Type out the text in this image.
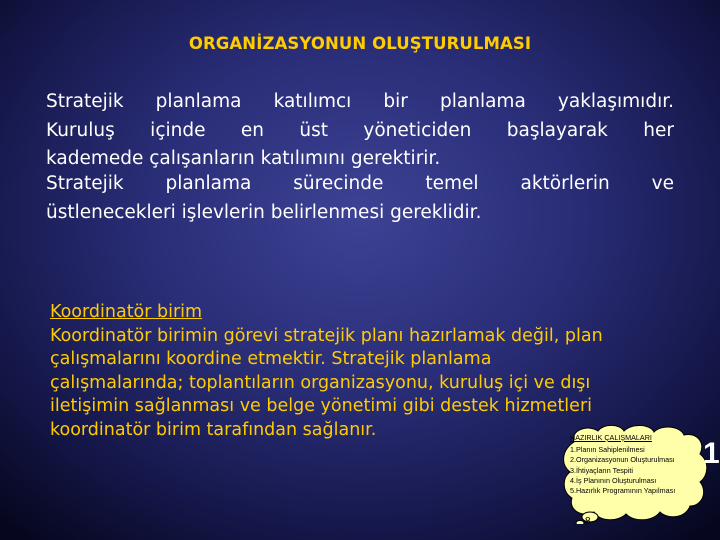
ORGANİZASYONUN OLUŞTURULMASI
Stratejik planlama katılımcı bir planlama yaklaşımıdır.
Kuruluş içinde en üst yöneticiden başlayarak her
kademede çalışanların katılımını gerektirir.
Stratejik planlama sürecinde temel aktörlerin ve
üstlenecekleri işlevlerin belirlenmesi gereklidir.
Koordinatör birim
Koordinatör birimin görevi stratejik planı hazırlamak değil, plan
çalışmalarını koordine etmektir. Stratejik planlama
çalışmalarında; toplantıların organizasyonu, kuruluş içi ve dışı
iletişimin sağlanması ve belge yönetimi gibi destek hizmetleri
koordinatör birim tarafından sağlanır.	HAZIRLIK ÇALIŞMALARI
1.Planın Sahiplenilmesi
2.Organizasyonun Oluşturulması
3.İhtiyaçların Tespiti
4.İş Planının Oluşturulması
5.Hazırlık Programının Yapılması
8
1
